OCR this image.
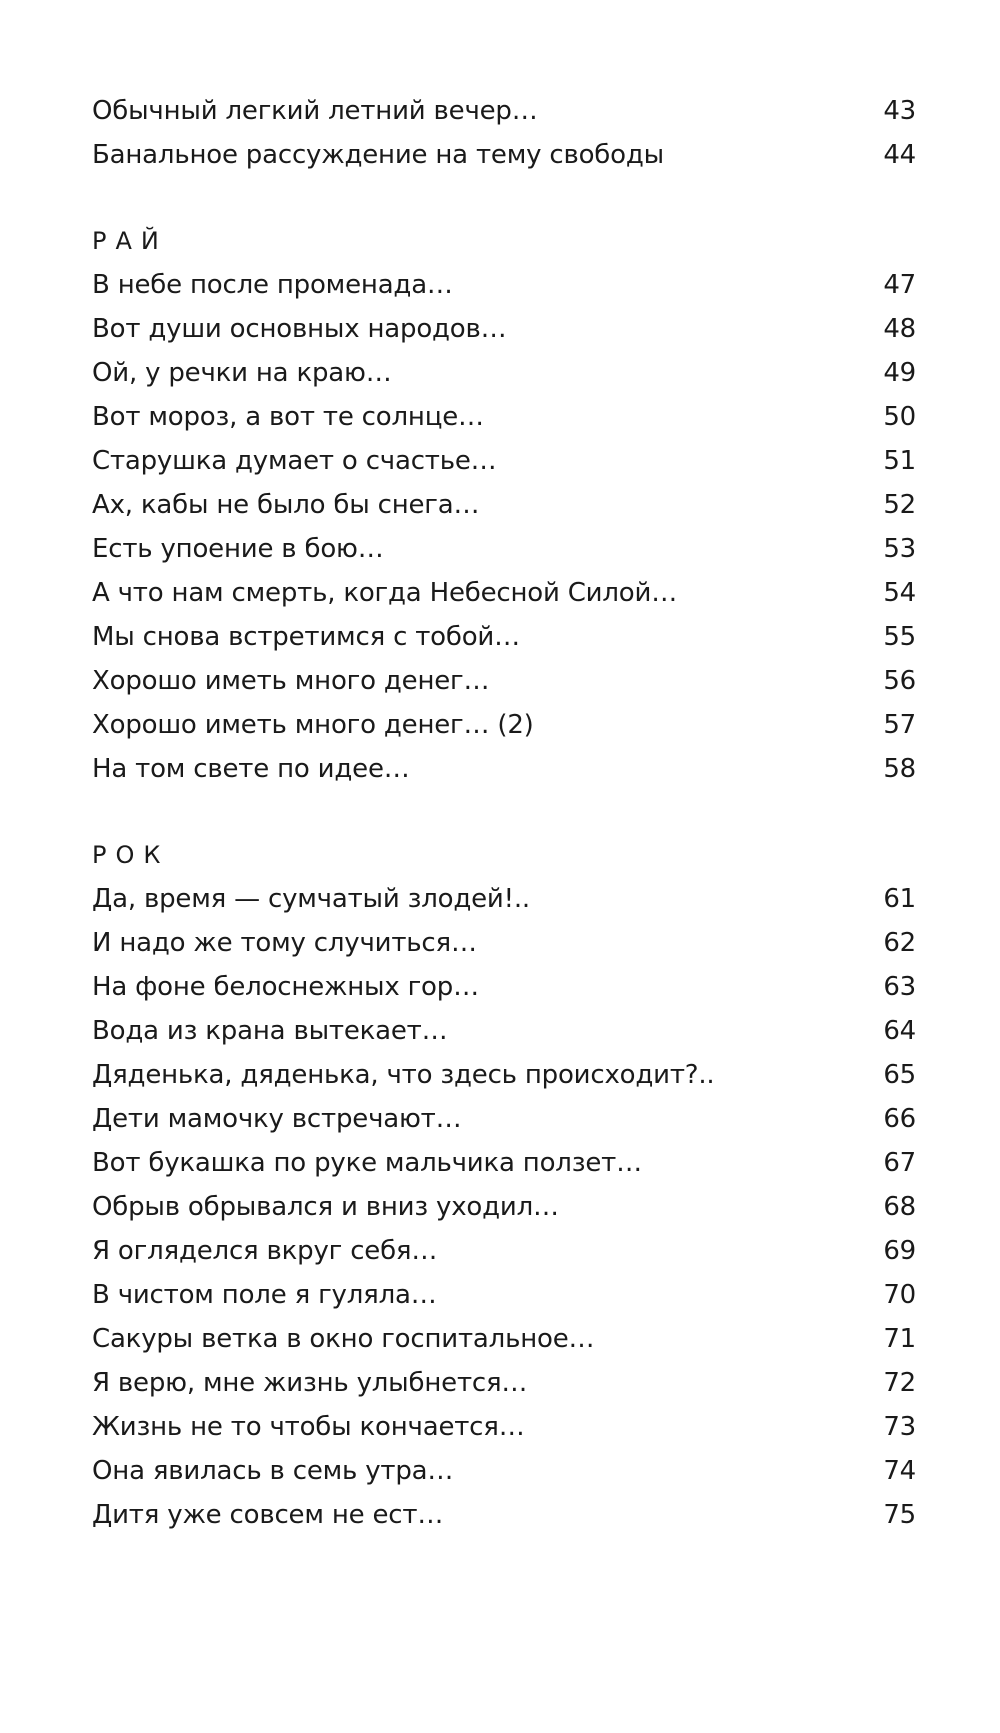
Обычный легкий летний вечер…	43
Банальное рассуждение на тему свободы	44
РАЙ
В небе после променада…	47
Вот души основных народов…	48
Ой, у речки на краю…	49
Вот мороз, а вот те солнце…	50
Старушка думает о счастье…	51
Ах, кабы не было бы снега…	52
Есть упоение в бою…	53
А что нам смерть, когда Небесной Силой…	54
Мы снова встретимся с тобой…	55
Хорошо иметь много денег…	56
Хорошо иметь много денег… (2)	57
На том свете по идее…	58
РОК
Да, время — сумчатый злодей!..	61
И надо же тому случиться…	62
На фоне белоснежных гор…	63
Вода из крана вытекает…	64
Дяденька, дяденька, что здесь происходит?..	65
Дети мамочку встречают…	66
Вот букашка по руке мальчика ползет…	67
Обрыв обрывался и вниз уходил…	68
Я огляделся вкруг себя…	69
В чистом поле я гуляла…	70
Сакуры ветка в окно госпитальное…	71
Я верю, мне жизнь улыбнется…	72
Жизнь не то чтобы кончается…	73
Она явилась в семь утра…	74
Дитя уже совсем не ест…	75
